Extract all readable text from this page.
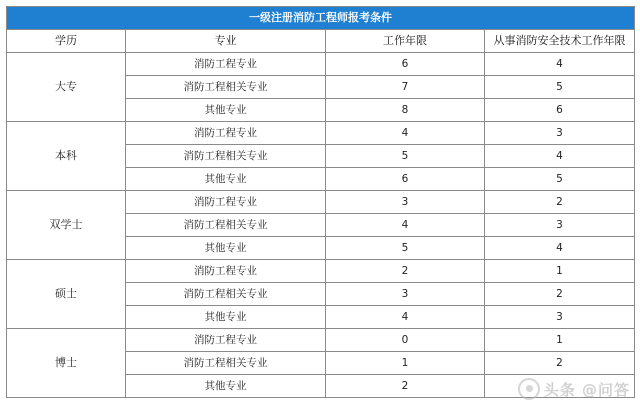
一级注册消防工程师报考条件			
学历	专业	工作年限	从事消防安全技术工作年限
大专	消防工程专业	6	4
	消防工程相关专业	7	5
	其他专业	8	6
本科	消防工程专业	4	3
	消防工程相关专业	5	4
	其他专业	6	5
双学士	消防工程专业	3	2
	消防工程相关专业	4	3
	其他专业	5	4
硕士	消防工程专业	2	1
	消防工程相关专业	3	2
	其他专业	4	3
博士	消防工程专业	0	1
	消防工程相关专业	1	2
	其他专业	2		头条 @问答
